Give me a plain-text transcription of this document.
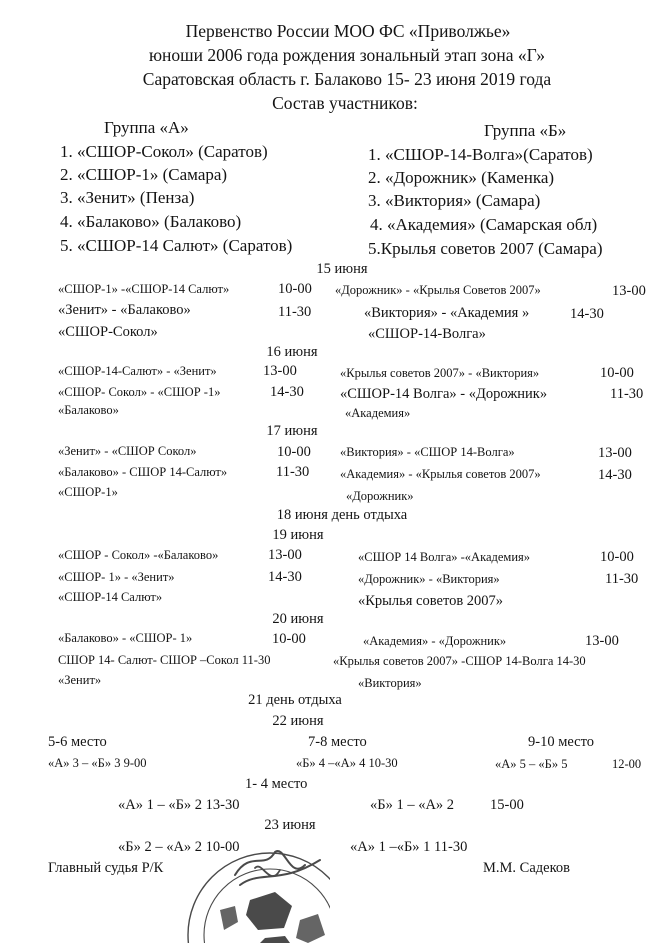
Первенство России МОО ФС «Приволжье»
юноши 2006 года рождения зональный этап зона «Г»
Саратовская область г. Балаково 15- 23 июня 2019 года
Состав участников:
Группа «А»
1. «СШОР-Сокол» (Саратов)
2. «СШОР-1» (Самара)
3. «Зенит» (Пенза)
4. «Балаково» (Балаково)
5. «СШОР-14 Салют» (Саратов)
Группа «Б»
1. «СШОР-14-Волга»(Саратов)
2. «Дорожник» (Каменка)
3. «Виктория» (Самара)
4. «Академия» (Самарская обл)
5.Крылья советов 2007 (Самара)
15 июня
«СШОР-1» -«СШОР-14 Салют»	10-00
«Зенит» - «Балаково»	11-30
«СШОР-Сокол»
«Дорожник» - «Крылья Советов 2007»	13-00
«Виктория» - «Академия »	14-30
«СШОР-14-Волга»
16 июня
«СШОР-14-Салют» - «Зенит»	13-00
«СШОР- Сокол» - «СШОР -1»	14-30
«Балаково»
«Крылья советов 2007» - «Виктория»	10-00
«СШОР-14 Волга» - «Дорожник»	11-30
«Академия»
17 июня
«Зенит» - «СШОР Сокол»	10-00
«Балаково» - СШОР 14-Салют»	11-30
«СШОР-1»
«Виктория» - «СШОР 14-Волга»	13-00
«Академия» - «Крылья советов 2007»	14-30
«Дорожник»
18 июня день отдыха
19 июня
«СШОР - Сокол» -«Балаково»	13-00
«СШОР- 1» - «Зенит»	14-30
«СШОР-14 Салют»
«СШОР 14 Волга» -«Академия»	10-00
«Дорожник» - «Виктория»	11-30
«Крылья советов 2007»
20 июня
«Балаково» - «СШОР- 1»	10-00
СШОР 14- Салют- СШОР –Сокол 11-30
«Зенит»
«Академия» - «Дорожник»	13-00
«Крылья советов 2007» -СШОР 14-Волга 14-30
«Виктория»
21 день отдыха
22 июня
5-6 место
«А» 3 – «Б» 3 9-00
7-8 место
«Б» 4 –«А» 4 10-30
9-10 место
«А» 5 – «Б» 5	12-00
1- 4 место
«А» 1 – «Б» 2 13-30	«Б» 1 – «А» 2 15-00
23 июня
«Б» 2 – «А» 2 10-00	«А» 1 –«Б» 1 11-30
Главный судья Р/К	М.М. Садеков
